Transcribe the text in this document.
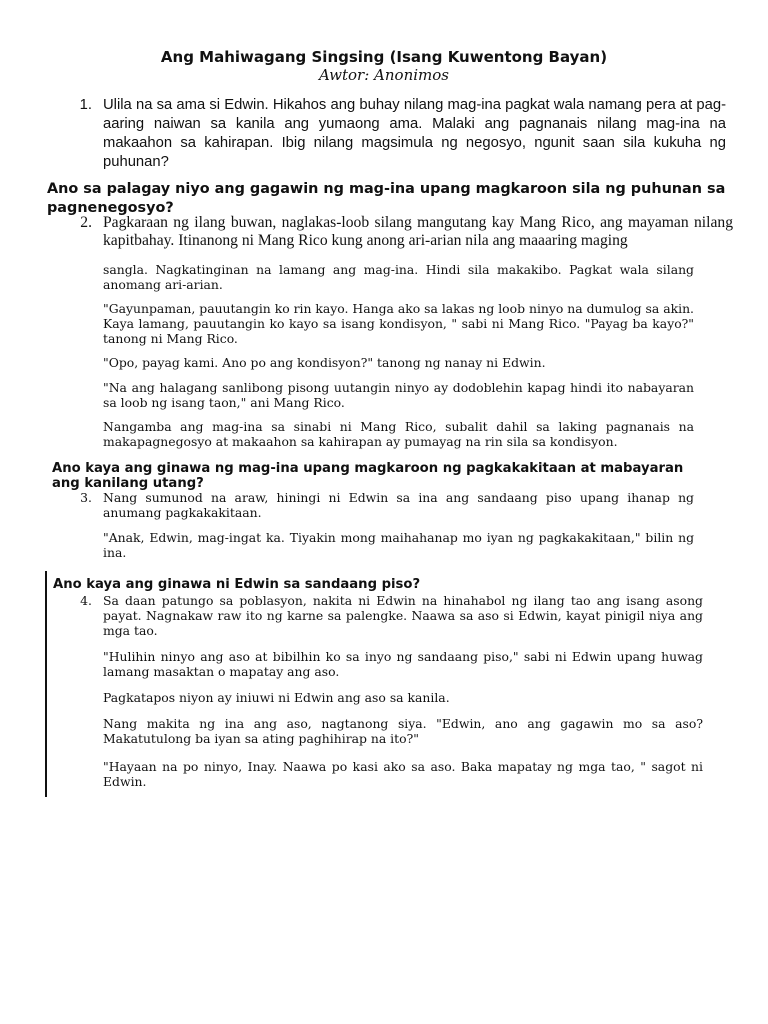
Ang Mahiwagang Singsing (Isang Kuwentong Bayan)
Awtor: Anonimos
1. Ulila na sa ama si Edwin. Hikahos ang buhay nilang mag-ina pagkat wala namang pera at pag-aaring naiwan sa kanila ang yumaong ama. Malaki ang pagnanais nilang mag-ina na makaahon sa kahirapan. Ibig nilang magsimula ng negosyo, ngunit saan sila kukuha ng puhunan?

Ano sa palagay niyo ang gagawin ng mag-ina upang magkaroon sila ng puhunan sa pagnenegosyo?

2. Pagkaraan ng ilang buwan, naglakas-loob silang mangutang kay Mang Rico, ang mayaman nilang kapitbahay. Itinanong ni Mang Rico kung anong ari-arian nila ang maaaring maging

sangla. Nagkatinginan na lamang ang mag-ina. Hindi sila makakibo. Pagkat wala silang anomang ari-arian.

"Gayunpaman, pauutangin ko rin kayo. Hanga ako sa lakas ng loob ninyo na dumulog sa akin. Kaya lamang, pauutangin ko kayo sa isang kondisyon, " sabi ni Mang Rico. "Payag ba kayo?" tanong ni Mang Rico.

"Opo, payag kami. Ano po ang kondisyon?" tanong ng nanay ni Edwin.

"Na ang halagang sanlibong pisong uutangin ninyo ay dodoblehin kapag hindi ito nabayaran sa loob ng isang taon," ani Mang Rico.

Nangamba ang mag-ina sa sinabi ni Mang Rico, subalit dahil sa laking pagnanais na makapagnegosyo at makaahon sa kahirapan ay pumayag na rin sila sa kondisyon.

Ano kaya ang ginawa ng mag-ina upang magkaroon ng pagkakakitaan at mabayaran ang kanilang utang?

3. Nang sumunod na araw, hiningi ni Edwin sa ina ang sandaang piso upang ihanap ng anumang pagkakakitaan.

"Anak, Edwin, mag-ingat ka. Tiyakin mong maihahanap mo iyan ng pagkakakitaan," bilin ng ina.

Ano kaya ang ginawa ni Edwin sa sandaang piso?

4. Sa daan patungo sa poblasyon, nakita ni Edwin na hinahabol ng ilang tao ang isang asong payat. Nagnakaw raw ito ng karne sa palengke. Naawa sa aso si Edwin, kayat pinigil niya ang mga tao.

"Hulihin ninyo ang aso at bibilhin ko sa inyo ng sandaang piso," sabi ni Edwin upang huwag lamang masaktan o mapatay ang aso.

Pagkatapos niyon ay iniuwi ni Edwin ang aso sa kanila.

Nang makita ng ina ang aso, nagtanong siya. "Edwin, ano ang gagawin mo sa aso? Makatutulong ba iyan sa ating paghihirap na ito?"

"Hayaan na po ninyo, Inay. Naawa po kasi ako sa aso. Baka mapatay ng mga tao, " sagot ni Edwin.
